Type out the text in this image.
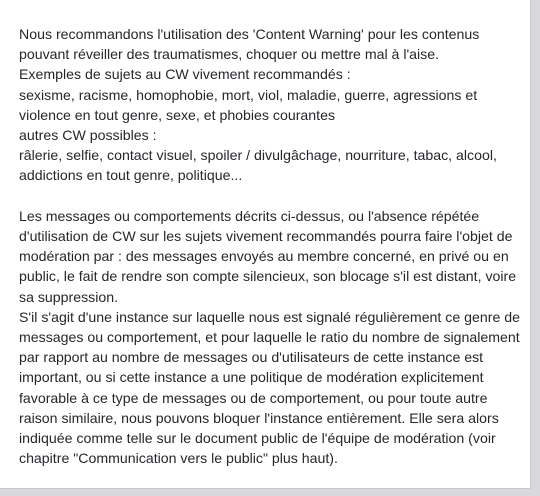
Nous recommandons l'utilisation des 'Content Warning' pour les contenus
pouvant réveiller des traumatismes, choquer ou mettre mal à l'aise.
Exemples de sujets au CW vivement recommandés :
sexisme, racisme, homophobie, mort, viol, maladie, guerre, agressions et
violence en tout genre, sexe, et phobies courantes
autres CW possibles :
râlerie, selfie, contact visuel, spoiler / divulgâchage, nourriture, tabac, alcool,
addictions en tout genre, politique...
Les messages ou comportements décrits ci-dessus, ou l'absence répétée
d'utilisation de CW sur les sujets vivement recommandés pourra faire l'objet de
modération par : des messages envoyés au membre concerné, en privé ou en
public, le fait de rendre son compte silencieux, son blocage s'il est distant, voire
sa suppression.
S'il s'agit d'une instance sur laquelle nous est signalé régulièrement ce genre de
messages ou comportement, et pour laquelle le ratio du nombre de signalement
par rapport au nombre de messages ou d'utilisateurs de cette instance est
important, ou si cette instance a une politique de modération explicitement
favorable à ce type de messages ou de comportement, ou pour toute autre
raison similaire, nous pouvons bloquer l'instance entièrement. Elle sera alors
indiquée comme telle sur le document public de l'équipe de modération (voir
chapitre "Communication vers le public" plus haut).
